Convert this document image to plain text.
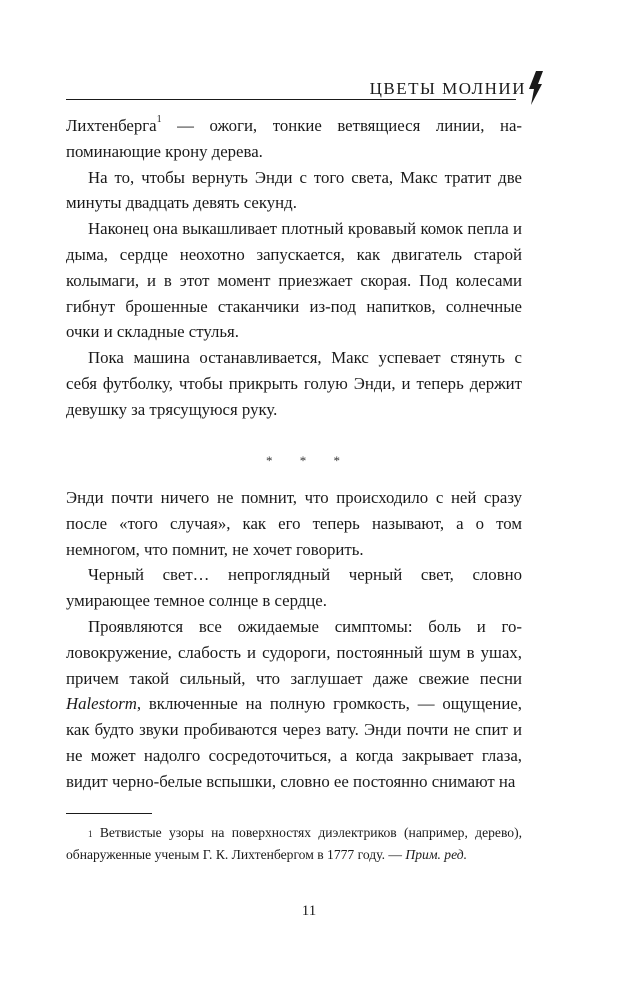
ЦВЕТЫ МОЛНИИ

Лихтенберга$^1$ — ожоги, тонкие ветвящиеся линии, напоминающие крону дерева.

На то, чтобы вернуть Энди с того света, Макс тратит две минуты двадцать девять секунд.

Наконец она выкашливает плотный кровавый комок пепла и дыма, сердце неохотно запускается, как двигатель старой колымаги, и в этот момент приезжает скорая. Под колесами гибнут брошенные стаканчики из-под напитков, солнечные очки и складные стулья.

Пока машина останавливается, Макс успевает стянуть с себя футболку, чтобы прикрыть голую Энди, и теперь держит девушку за трясущуюся руку.

* * *

Энди почти ничего не помнит, что происходило с ней сразу после «того случая», как его теперь называют, а о том немногом, что помнит, не хочет говорить.

Черный свет… непроглядный черный свет, словно умирающее темное солнце в сердце.

Проявляются все ожидаемые симптомы: боль и головокружение, слабость и судороги, постоянный шум в ушах, причем такой сильный, что заглушает даже свежие песни Halestorm, включенные на полную громкость, — ощущение, как будто звуки пробиваются через вату. Энди почти не спит и не может надолго сосредоточиться, а когда закрывает глаза, видит черно-белые вспышки, словно ее постоянно снимают на

$^1$ Ветвистые узоры на поверхностях диэлектриков (например, дерево), обнаруженные ученым Г. К. Лихтенбергом в 1777 году. — Прим. ред.

11
